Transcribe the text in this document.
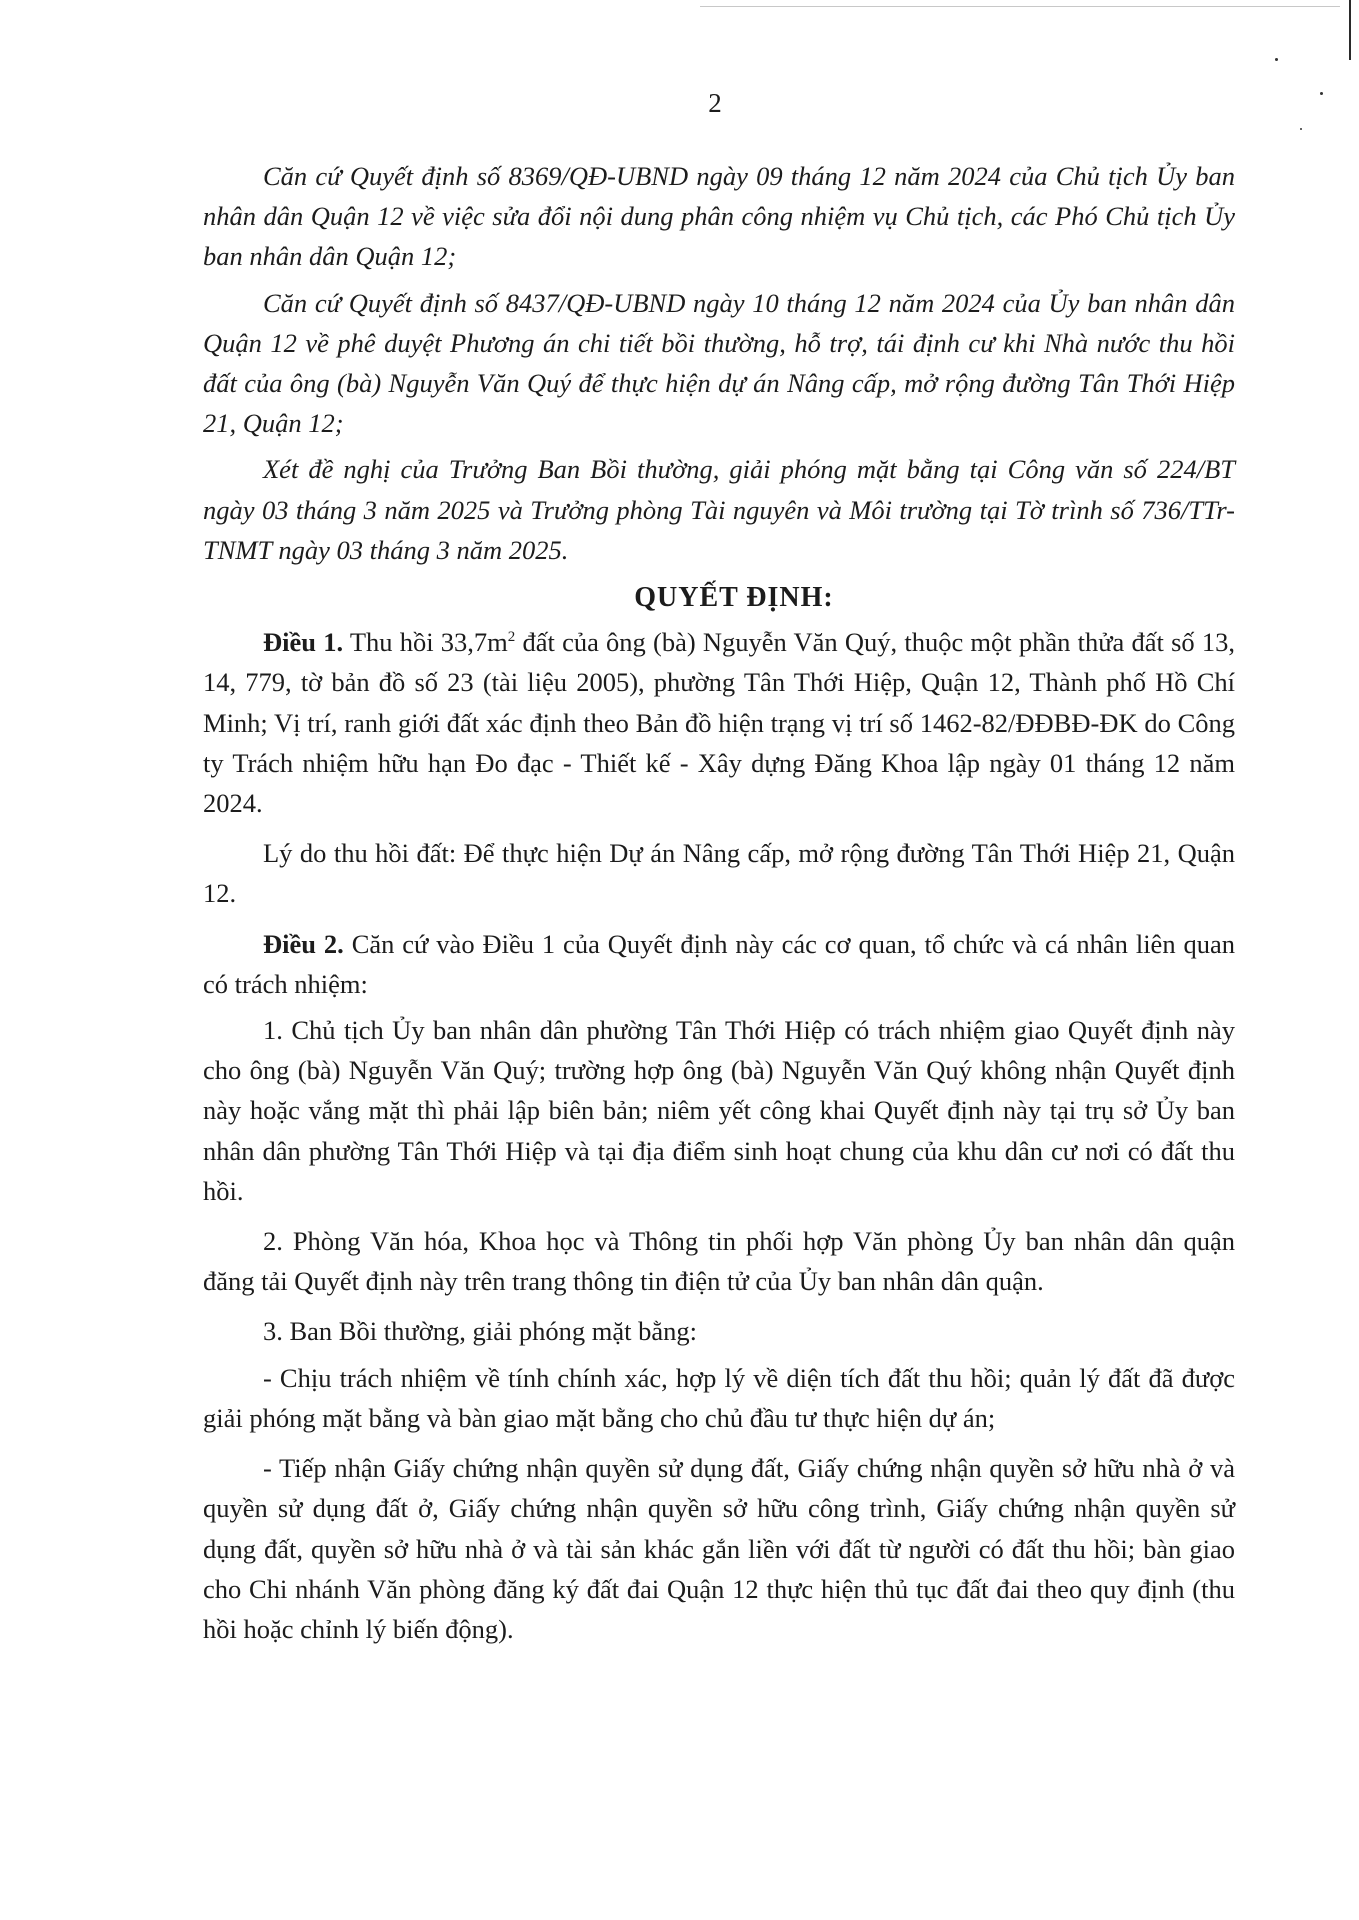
2

Căn cứ Quyết định số 8369/QĐ-UBND ngày 09 tháng 12 năm 2024 của Chủ tịch Ủy ban nhân dân Quận 12 về việc sửa đổi nội dung phân công nhiệm vụ Chủ tịch, các Phó Chủ tịch Ủy ban nhân dân Quận 12;

Căn cứ Quyết định số 8437/QĐ-UBND ngày 10 tháng 12 năm 2024 của Ủy ban nhân dân Quận 12 về phê duyệt Phương án chi tiết bồi thường, hỗ trợ, tái định cư khi Nhà nước thu hồi đất của ông (bà) Nguyễn Văn Quý để thực hiện dự án Nâng cấp, mở rộng đường Tân Thới Hiệp 21, Quận 12;

Xét đề nghị của Trưởng Ban Bồi thường, giải phóng mặt bằng tại Công văn số 224/BT ngày 03 tháng 3 năm 2025 và Trưởng phòng Tài nguyên và Môi trường tại Tờ trình số 736/TTr-TNMT ngày 03 tháng 3 năm 2025.

QUYẾT ĐỊNH:

Điều 1. Thu hồi $33,7m^2$ đất của ông (bà) Nguyễn Văn Quý, thuộc một phần thửa đất số 13, 14, 779, tờ bản đồ số 23 (tài liệu 2005), phường Tân Thới Hiệp, Quận 12, Thành phố Hồ Chí Minh; Vị trí, ranh giới đất xác định theo Bản đồ hiện trạng vị trí số 1462-82/ĐĐBĐ-ĐK do Công ty Trách nhiệm hữu hạn Đo đạc - Thiết kế - Xây dựng Đăng Khoa lập ngày 01 tháng 12 năm 2024.

Lý do thu hồi đất: Để thực hiện Dự án Nâng cấp, mở rộng đường Tân Thới Hiệp 21, Quận 12.

Điều 2. Căn cứ vào Điều 1 của Quyết định này các cơ quan, tổ chức và cá nhân liên quan có trách nhiệm:

1. Chủ tịch Ủy ban nhân dân phường Tân Thới Hiệp có trách nhiệm giao Quyết định này cho ông (bà) Nguyễn Văn Quý; trường hợp ông (bà) Nguyễn Văn Quý không nhận Quyết định này hoặc vắng mặt thì phải lập biên bản; niêm yết công khai Quyết định này tại trụ sở Ủy ban nhân dân phường Tân Thới Hiệp và tại địa điểm sinh hoạt chung của khu dân cư nơi có đất thu hồi.

2. Phòng Văn hóa, Khoa học và Thông tin phối hợp Văn phòng Ủy ban nhân dân quận đăng tải Quyết định này trên trang thông tin điện tử của Ủy ban nhân dân quận.

3. Ban Bồi thường, giải phóng mặt bằng:

- Chịu trách nhiệm về tính chính xác, hợp lý về diện tích đất thu hồi; quản lý đất đã được giải phóng mặt bằng và bàn giao mặt bằng cho chủ đầu tư thực hiện dự án;

- Tiếp nhận Giấy chứng nhận quyền sử dụng đất, Giấy chứng nhận quyền sở hữu nhà ở và quyền sử dụng đất ở, Giấy chứng nhận quyền sở hữu công trình, Giấy chứng nhận quyền sử dụng đất, quyền sở hữu nhà ở và tài sản khác gắn liền với đất từ người có đất thu hồi; bàn giao cho Chi nhánh Văn phòng đăng ký đất đai Quận 12 thực hiện thủ tục đất đai theo quy định (thu hồi hoặc chỉnh lý biến động).
